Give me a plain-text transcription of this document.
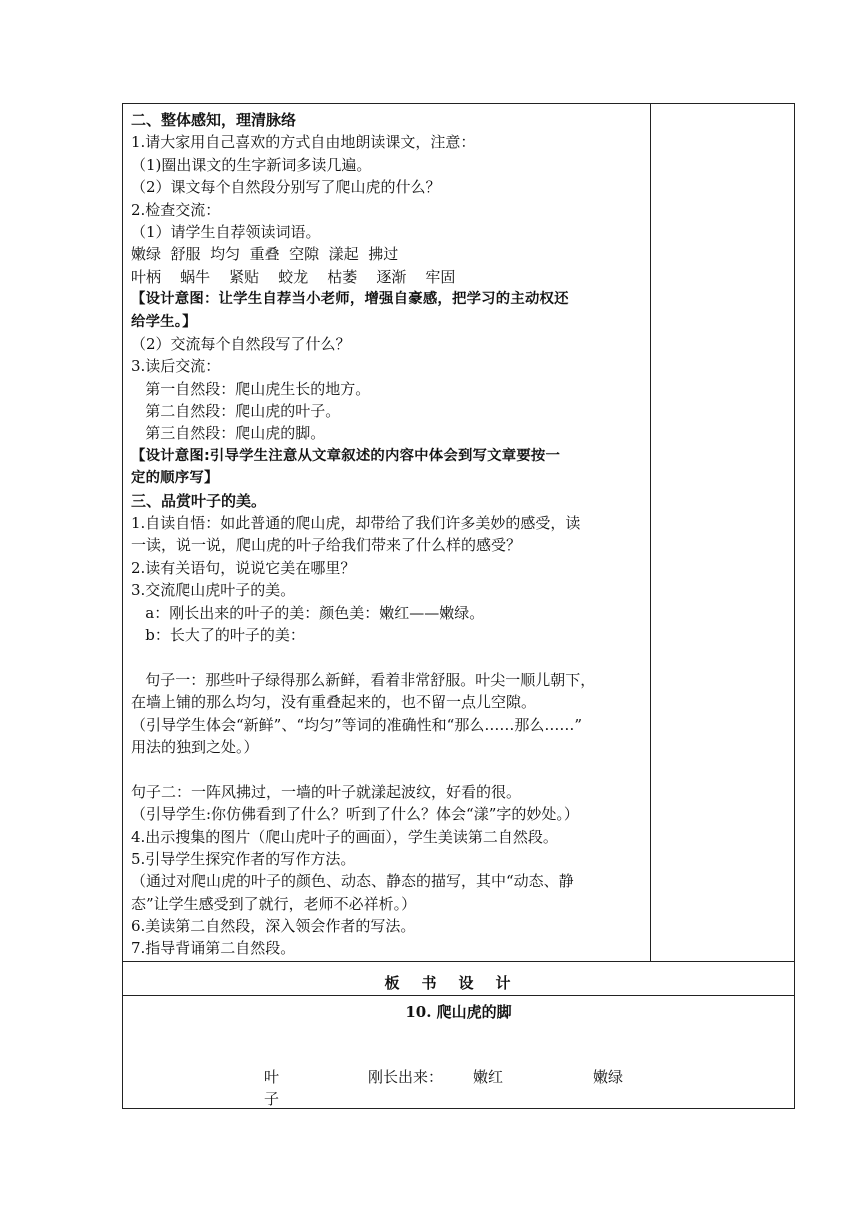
二、整体感知，理清脉络
1.请大家用自己喜欢的方式自由地朗读课文，注意：
（1)圈出课文的生字新词多读几遍。
（2）课文每个自然段分别写了爬山虎的什么？
2.检查交流：
（1）请学生自荐领读词语。
嫩绿  舒服  均匀  重叠  空隙  漾起  拂过
叶柄    蜗牛    紧贴    蛟龙    枯萎    逐渐    牢固
【设计意图：让学生自荐当小老师，增强自豪感，把学习的主动权还
给学生。】
（2）交流每个自然段写了什么？
3.读后交流：
第一自然段：爬山虎生长的地方。
第二自然段：爬山虎的叶子。
第三自然段：爬山虎的脚。
【设计意图:引导学生注意从文章叙述的内容中体会到写文章要按一
定的顺序写】
三、品赏叶子的美。
1.自读自悟：如此普通的爬山虎，却带给了我们许多美妙的感受，读
一读，说一说，爬山虎的叶子给我们带来了什么样的感受？
2.读有关语句，说说它美在哪里？
3.交流爬山虎叶子的美。
a：刚长出来的叶子的美：颜色美：嫩红——嫩绿。
b：长大了的叶子的美：
句子一：那些叶子绿得那么新鲜，看着非常舒服。叶尖一顺儿朝下，
在墙上铺的那么均匀，没有重叠起来的，也不留一点儿空隙。
（引导学生体会“新鲜”、“均匀”等词的准确性和“那么……那么……”
用法的独到之处。）
句子二：一阵风拂过，一墙的叶子就漾起波纹，好看的很。
（引导学生:你仿佛看到了什么？听到了什么？体会“漾”字的妙处。）
4.出示搜集的图片（爬山虎叶子的画面），学生美读第二自然段。
5.引导学生探究作者的写作方法。
（通过对爬山虎的叶子的颜色、动态、静态的描写，其中“动态、静
态”让学生感受到了就行，老师不必祥析。）
6.美读第二自然段，深入领会作者的写法。
7.指导背诵第二自然段。
板书设计
10. 爬山虎的脚
叶
子
刚长出来： 嫩红	嫩绿
